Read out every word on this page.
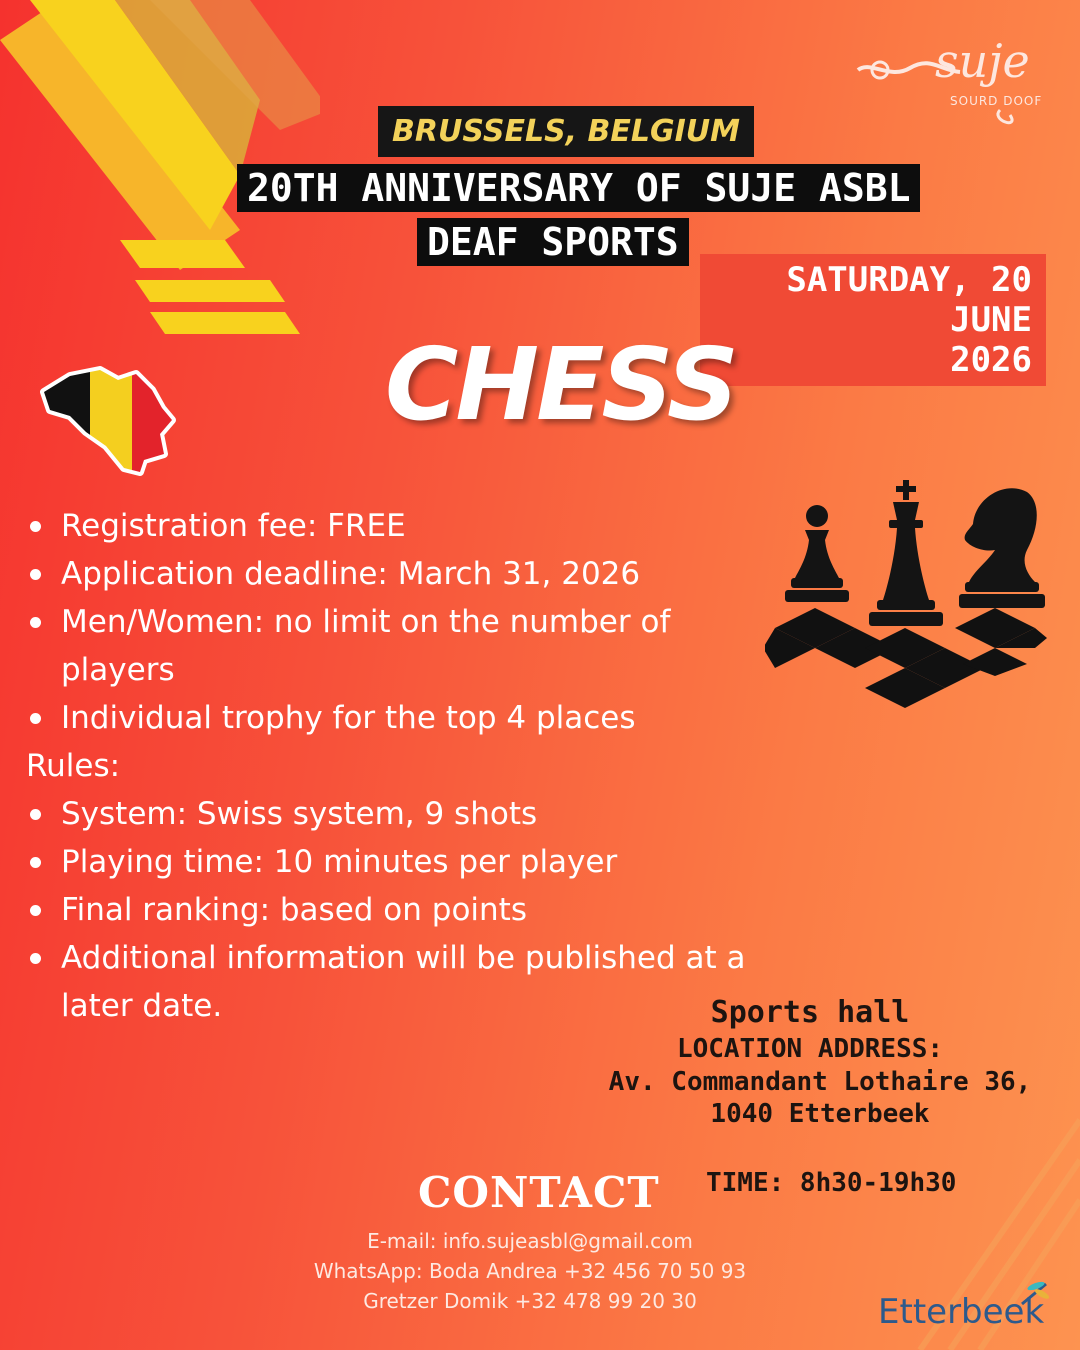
suje
SOURD DOOF
BRUSSELS, BELGIUM
20TH ANNIVERSARY OF SUJE ASBL
DEAF SPORTS
SATURDAY, 20 JUNE
2026
CHESS
Registration fee: FREE
Application deadline: March 31, 2026
Men/Women: no limit on the number of players
Individual trophy for the top 4 places
Rules:
System: Swiss system, 9 shots
Playing time: 10 minutes per player
Final ranking: based on points
Additional information will be published at a later date.	Sports hall
LOCATION ADDRESS:
Av. Commandant Lothaire 36,
1040 Etterbeek
TIME: 8h30-19h30
CONTACT
E-mail: info.sujeasbl@gmail.com
WhatsApp: Boda Andrea +32 456 70 50 93
Gretzer Domik +32 478 99 20 30	Etterbeek
